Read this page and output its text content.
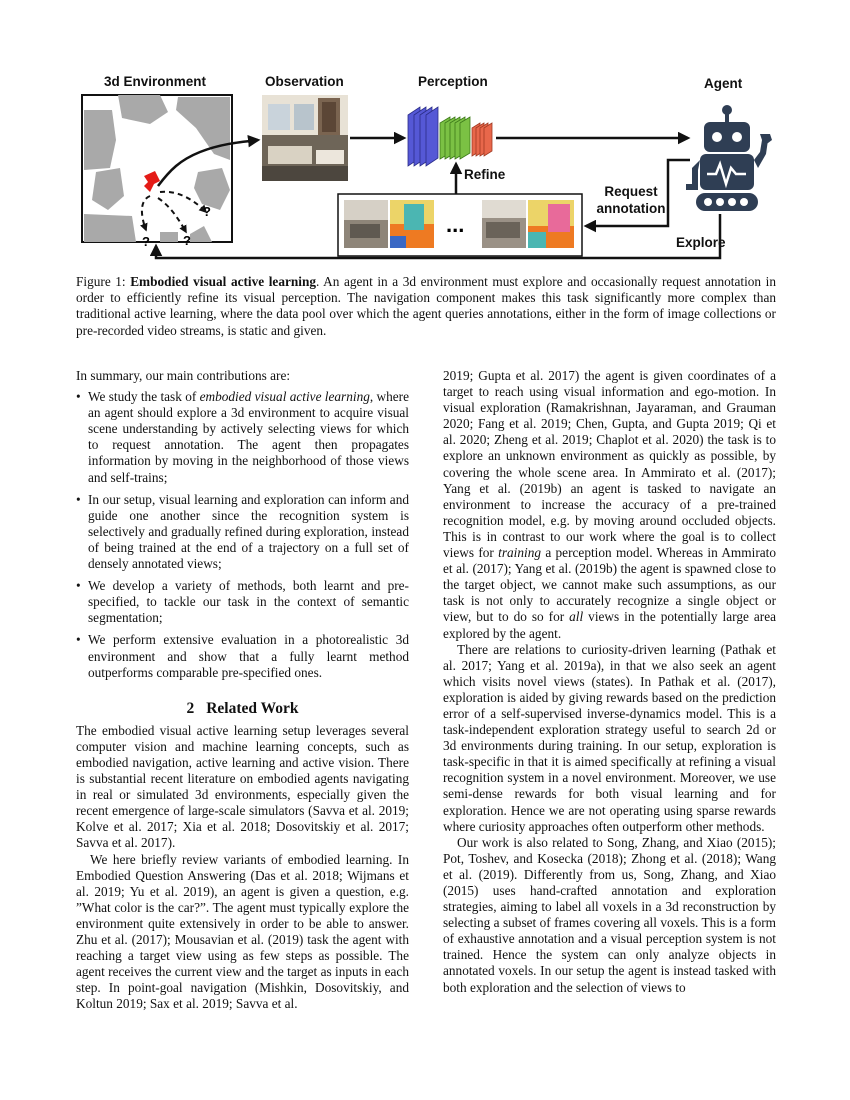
3d Environment	Observation	Perception	Agent
Refine
Request annotation
Explore
?
?	?
...

Figure 1: Embodied visual active learning. An agent in a 3d environment must explore and occasionally request annotation in order to efficiently refine its visual perception. The navigation component makes this task significantly more complex than traditional active learning, where the data pool over which the agent queries annotations, either in the form of image collections or pre-recorded video streams, is static and given.

In summary, our main contributions are:

• We study the task of embodied visual active learning, where an agent should explore a 3d environment to acquire visual scene understanding by actively selecting views for which to request annotation. The agent then propagates information by moving in the neighborhood of those views and self-trains;
• In our setup, visual learning and exploration can inform and guide one another since the recognition system is selectively and gradually refined during exploration, instead of being trained at the end of a trajectory on a full set of densely annotated views;
• We develop a variety of methods, both learnt and pre-specified, to tackle our task in the context of semantic segmentation;
• We perform extensive evaluation in a photorealistic 3d environment and show that a fully learnt method outperforms comparable pre-specified ones.
2 Related Work

The embodied visual active learning setup leverages several computer vision and machine learning concepts, such as embodied navigation, active learning and active vision. There is substantial recent literature on embodied agents navigating in real or simulated 3d environments, especially given the recent emergence of large-scale simulators (Savva et al. 2019; Kolve et al. 2017; Xia et al. 2018; Dosovitskiy et al. 2017; Savva et al. 2017).

We here briefly review variants of embodied learning. In Embodied Question Answering (Das et al. 2018; Wijmans et al. 2019; Yu et al. 2019), an agent is given a question, e.g. ”What color is the car?”. The agent must typically explore the environment quite extensively in order to be able to answer. Zhu et al. (2017); Mousavian et al. (2019) task the agent with reaching a target view using as few steps as possible. The agent receives the current view and the target as inputs in each step. In point-goal navigation (Mishkin, Dosovitskiy, and Koltun 2019; Sax et al. 2019; Savva et al.

2019; Gupta et al. 2017) the agent is given coordinates of a target to reach using visual information and ego-motion. In visual exploration (Ramakrishnan, Jayaraman, and Grauman 2020; Fang et al. 2019; Chen, Gupta, and Gupta 2019; Qi et al. 2020; Zheng et al. 2019; Chaplot et al. 2020) the task is to explore an unknown environment as quickly as possible, by covering the whole scene area. In Ammirato et al. (2017); Yang et al. (2019b) an agent is tasked to navigate an environment to increase the accuracy of a pre-trained recognition model, e.g. by moving around occluded objects. This is in contrast to our work where the goal is to collect views for training a perception model. Whereas in Ammirato et al. (2017); Yang et al. (2019b) the agent is spawned close to the target object, we cannot make such assumptions, as our task is not only to accurately recognize a single object or view, but to do so for all views in the potentially large area explored by the agent.

There are relations to curiosity-driven learning (Pathak et al. 2017; Yang et al. 2019a), in that we also seek an agent which visits novel views (states). In Pathak et al. (2017), exploration is aided by giving rewards based on the prediction error of a self-supervised inverse-dynamics model. This is a task-independent exploration strategy useful to search 2d or 3d environments during training. In our setup, exploration is task-specific in that it is aimed specifically at refining a visual recognition system in a novel environment. Moreover, we use semi-dense rewards for both visual learning and for exploration. Hence we are not operating using sparse rewards where curiosity approaches often outperform other methods.

Our work is also related to Song, Zhang, and Xiao (2015); Pot, Toshev, and Kosecka (2018); Zhong et al. (2018); Wang et al. (2019). Differently from us, Song, Zhang, and Xiao (2015) uses hand-crafted annotation and exploration strategies, aiming to label all voxels in a 3d reconstruction by selecting a subset of frames covering all voxels. This is a form of exhaustive annotation and a visual perception system is not trained. Hence the system can only analyze objects in annotated voxels. In our setup the agent is instead tasked with both exploration and the selection of views to
